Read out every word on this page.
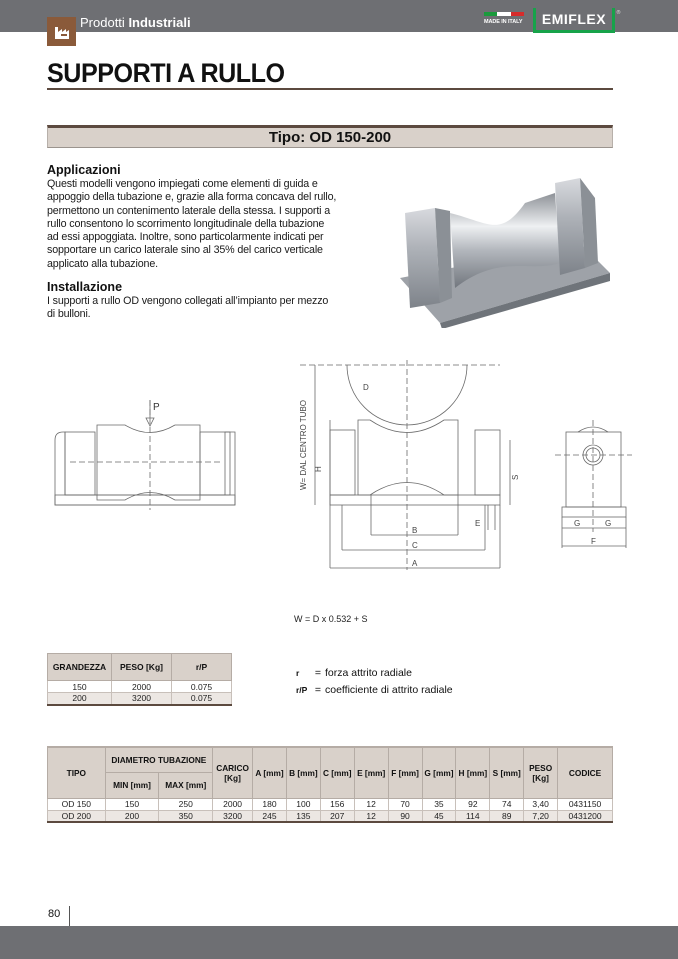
Prodotti Industriali	MADE IN ITALY	EMIFLEX ®
SUPPORTI A RULLO
Tipo: OD 150-200
Applicazioni

Questi modelli vengono impiegati come elementi di guida e appoggio della tubazione e, grazie alla forma concava del rullo, permettono un contenimento laterale della stessa. I supporti a rullo consentono lo scorrimento longitudinale della tubazione ad essi appoggiata. Inoltre, sono particolarmente indicati per sopportare un carico laterale sino al 35% del carico verticale applicato alla tubazione.

Installazione

I supporti a rullo OD vengono collegati all’impianto per mezzo di bulloni.

P	W= DAL CENTRO TUBO H
S
D
B
C
A
E	G	G
F
W = D x 0.532 + S
GRANDEZZA	PESO [Kg]	r/P
150	2000	0.075
200	3200	0.075
r	= forza attrito radiale
r/P = coefficiente di attrito radiale
TIPO	DIAMETRO TUBAZIONE		CARICO [Kg]	A [mm]	B [mm]	C [mm]	E [mm]	F [mm]	G [mm]	H [mm]	S [mm]	PESO [Kg]	CODICE
	MIN [mm]	MAX [mm]											
OD 150	150	250	2000	180	100	156	12	70	35	92	74	3,40	0431150
OD 200	200	350	3200	245	135	207	12	90	45	114	89	7,20	0431200
80
